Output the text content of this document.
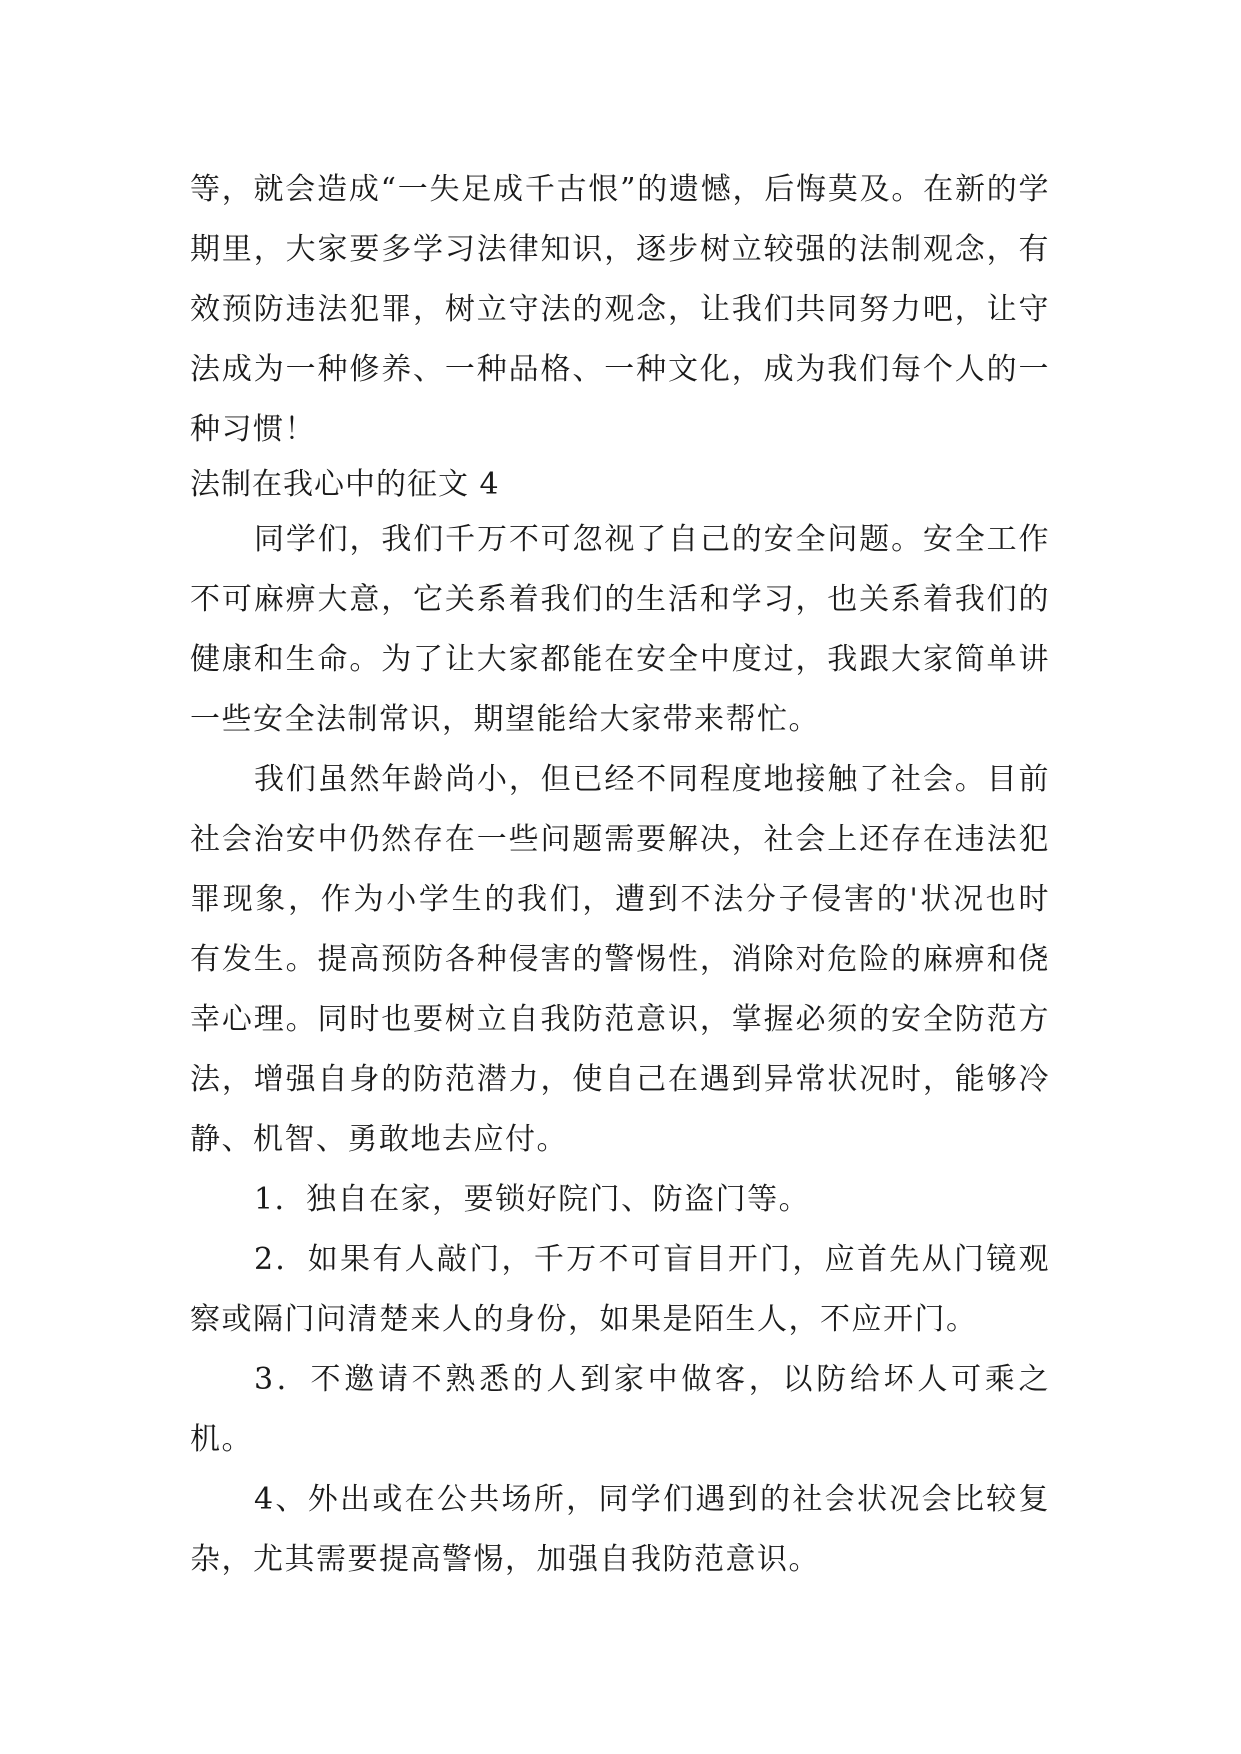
等，就会造成“一失足成千古恨”的遗憾，后悔莫及。在新的学期里，大家要多学习法律知识，逐步树立较强的法制观念，有效预防违法犯罪，树立守法的观念，让我们共同努力吧，让守法成为一种修养、一种品格、一种文化，成为我们每个人的一种习惯！

法制在我心中的征文 4

同学们，我们千万不可忽视了自己的安全问题。安全工作不可麻痹大意，它关系着我们的生活和学习，也关系着我们的健康和生命。为了让大家都能在安全中度过，我跟大家简单讲一些安全法制常识，期望能给大家带来帮忙。

我们虽然年龄尚小，但已经不同程度地接触了社会。目前社会治安中仍然存在一些问题需要解决，社会上还存在违法犯罪现象，作为小学生的我们，遭到不法分子侵害的'状况也时有发生。提高预防各种侵害的警惕性，消除对危险的麻痹和侥幸心理。同时也要树立自我防范意识，掌握必须的安全防范方法，增强自身的防范潜力，使自己在遇到异常状况时，能够冷静、机智、勇敢地去应付。

1．独自在家，要锁好院门、防盗门等。

2．如果有人敲门，千万不可盲目开门，应首先从门镜观察或隔门问清楚来人的身份，如果是陌生人，不应开门。

3．不邀请不熟悉的人到家中做客，以防给坏人可乘之机。

4、外出或在公共场所，同学们遇到的社会状况会比较复杂，尤其需要提高警惕，加强自我防范意识。
